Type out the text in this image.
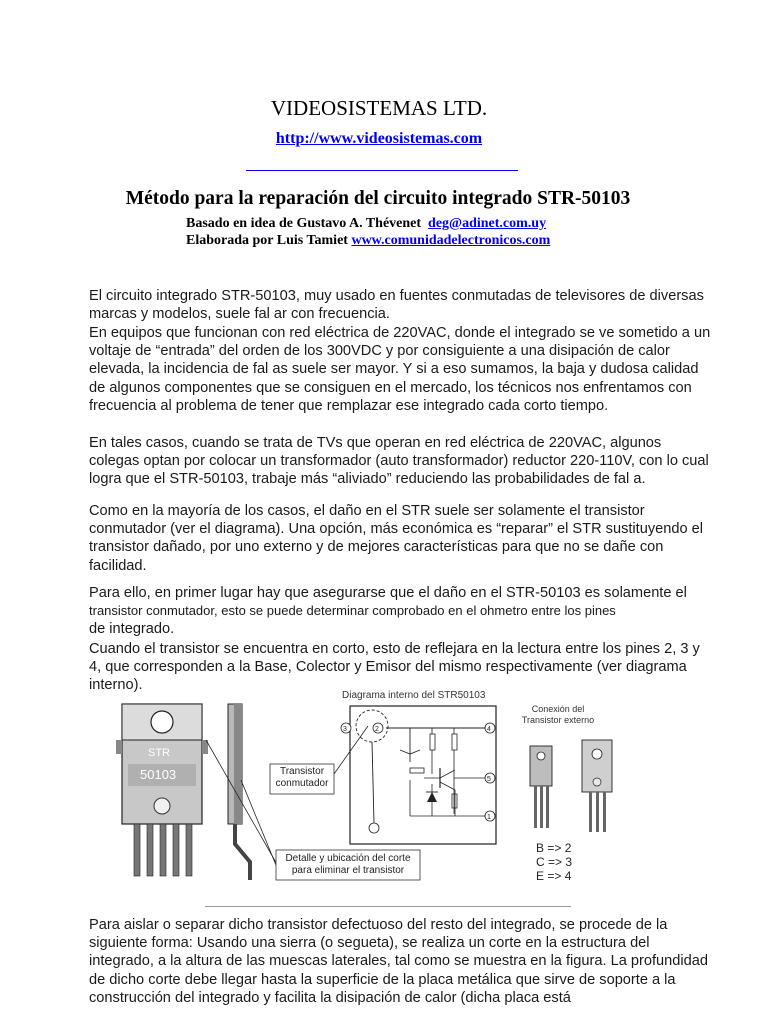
VIDEOSISTEMAS LTD.
http://www.videosistemas.com
Método para la reparación del circuito integrado STR-50103
Basado en idea de Gustavo A. Thévenet deg@adinet.com.uy
Elaborada por Luis Tamiet www.comunidadelectronicos.com
El circuito integrado STR-50103, muy usado en fuentes conmutadas de televisores de diversas marcas y modelos, suele fal ar con frecuencia.
En equipos que funcionan con red eléctrica de 220VAC, donde el integrado se ve sometido a un voltaje de “entrada” del orden de los 300VDC y por consiguiente a una disipación de calor elevada, la incidencia de fal as suele ser mayor. Y si a eso sumamos, la baja y dudosa calidad de algunos componentes que se consiguen en el mercado, los técnicos nos enfrentamos con frecuencia al problema de tener que remplazar ese integrado cada corto tiempo.
En tales casos, cuando se trata de TVs que operan en red eléctrica de 220VAC, algunos colegas optan por colocar un transformador (auto transformador) reductor 220-110V, con lo cual logra que el STR-50103, trabaje más “aliviado” reduciendo las probabilidades de fal a.
Como en la mayoría de los casos, el daño en el STR suele ser solamente el transistor conmutador (ver el diagrama). Una opción, más económica es “reparar” el STR sustituyendo el transistor dañado, por uno externo y de mejores características para que no se dañe con facilidad.
Para ello, en primer lugar hay que asegurarse que el daño en el STR-50103 es solamente el
transistor conmutador, esto se puede determinar comprobado en el ohmetro entre los pines
de integrado.
Cuando el transistor se encuentra en corto, esto de reflejara en la lectura entre los pines 2, 3 y 4, que corresponden a la Base, Colector y Emisor del mismo respectivamente (ver diagrama interno).
STR
50103	Transistor conmutador
Detalle y ubicación del corte para eliminar el transistor
Diagrama interno del STR50103
3	2	4
5
1
Conexión del Transistor externo
B => 2
C => 3
E => 4
Para aislar o separar dicho transistor defectuoso del resto del integrado, se procede de la siguiente forma: Usando una sierra (o segueta), se realiza un corte en la estructura del integrado, a la altura de las muescas laterales, tal como se muestra en la figura. La profundidad de dicho corte debe llegar hasta la superficie de la placa metálica que sirve de soporte a la construcción del integrado y facilita la disipación de calor (dicha placa está
